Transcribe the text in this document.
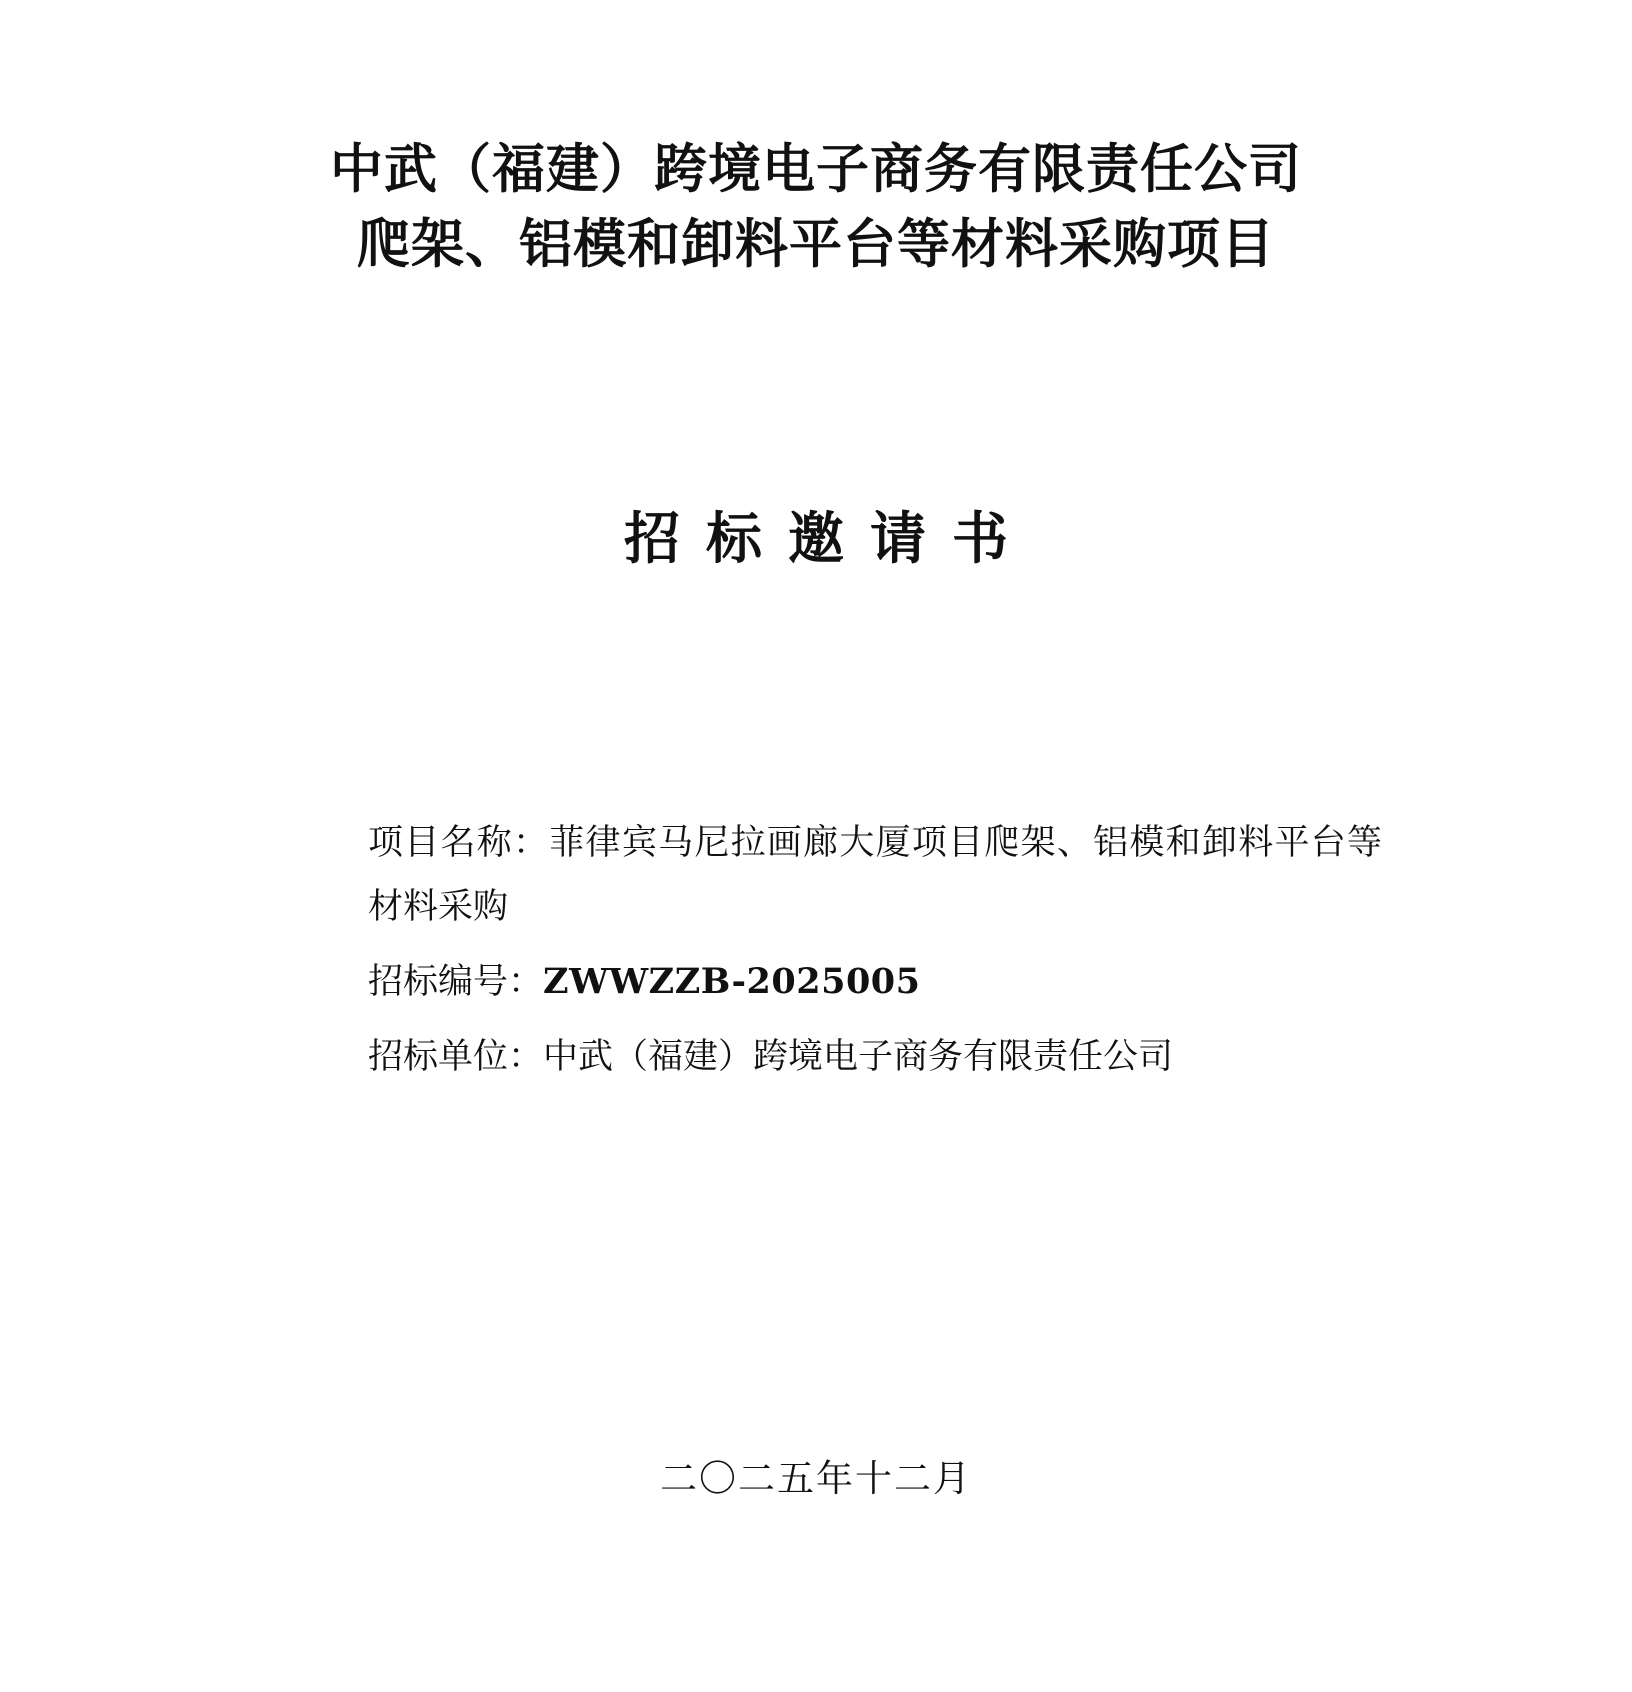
中武（福建）跨境电子商务有限责任公司
爬架、铝模和卸料平台等材料采购项目
招标邀请书

项目名称：菲律宾马尼拉画廊大厦项目爬架、铝模和卸料平台等材料采购

招标编号：ZWWZZB-2025005

招标单位：中武（福建）跨境电子商务有限责任公司

二〇二五年十二月
